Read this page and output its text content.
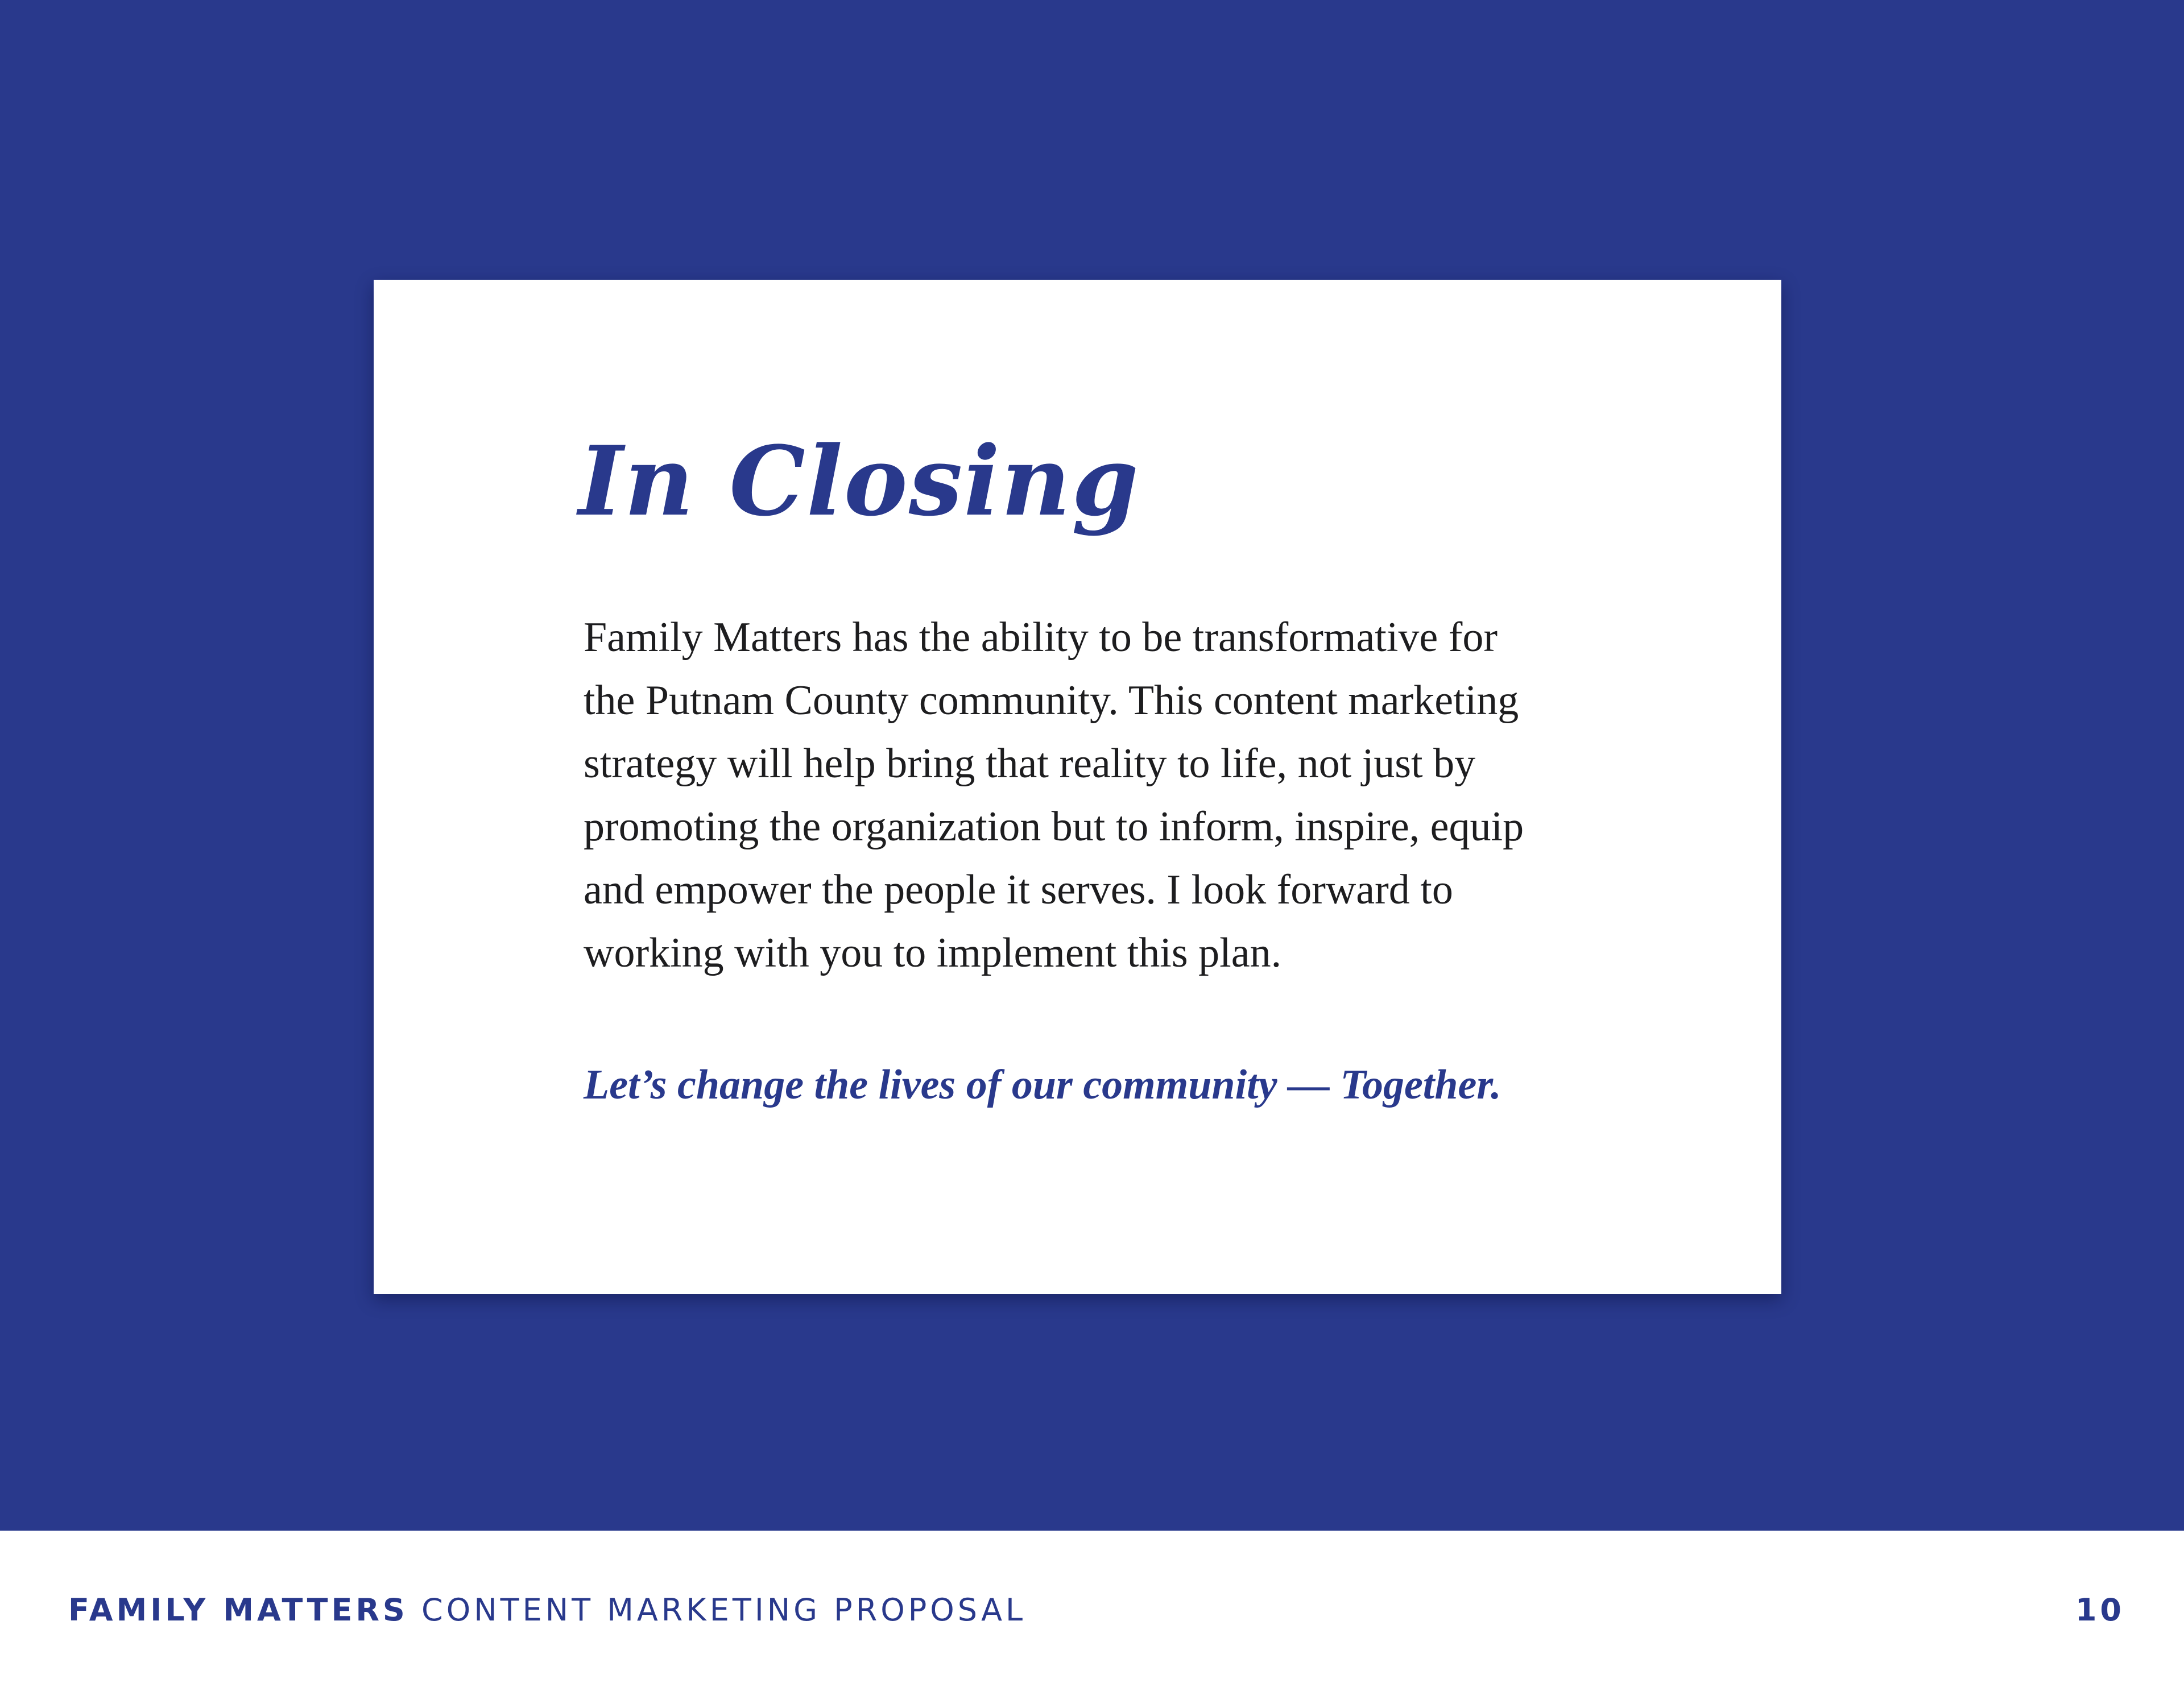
In Closing

Family Matters has the ability to be transformative for
the Putnam County community. This content marketing
strategy will help bring that reality to life, not just by
promoting the organization but to inform, inspire, equip
and empower the people it serves. I look forward to
working with you to implement this plan.

Let’s change the lives of our community — Together.

FAMILY MATTERS CONTENT MARKETING PROPOSAL	10
